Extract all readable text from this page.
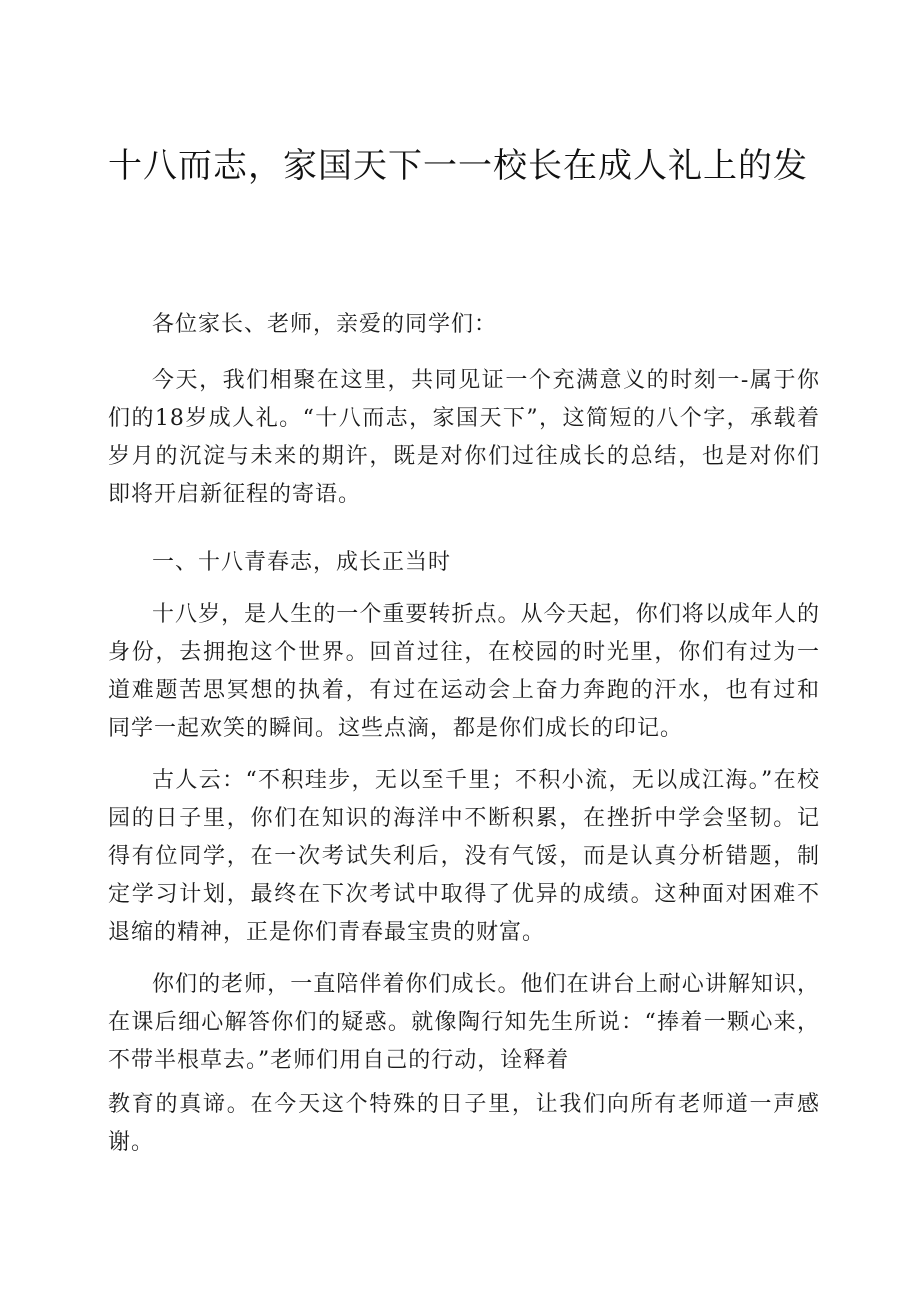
十八而志，家国天下一一校长在成人礼上的发

各位家长、老师，亲爱的同学们：

今天，我们相聚在这里，共同见证一个充满意义的时刻一-属于你们的18岁成人礼。“十八而志，家国天下”，这简短的八个字，承载着岁月的沉淀与未来的期许，既是对你们过往成长的总结，也是对你们即将开启新征程的寄语。

一、十八青春志，成长正当时

十八岁，是人生的一个重要转折点。从今天起，你们将以成年人的身份，去拥抱这个世界。回首过往，在校园的时光里，你们有过为一道难题苦思冥想的执着，有过在运动会上奋力奔跑的汗水，也有过和同学一起欢笑的瞬间。这些点滴，都是你们成长的印记。

古人云：“不积珪步，无以至千里；不积小流，无以成江海。”在校园的日子里，你们在知识的海洋中不断积累，在挫折中学会坚韧。记得有位同学，在一次考试失利后，没有气馁，而是认真分析错题，制定学习计划，最终在下次考试中取得了优异的成绩。这种面对困难不退缩的精神，正是你们青春最宝贵的财富。

你们的老师，一直陪伴着你们成长。他们在讲台上耐心讲解知识，在课后细心解答你们的疑惑。就像陶行知先生所说：“捧着一颗心来，不带半根草去。”老师们用自己的行动，诠释着

教育的真谛。在今天这个特殊的日子里，让我们向所有老师道一声感谢。
